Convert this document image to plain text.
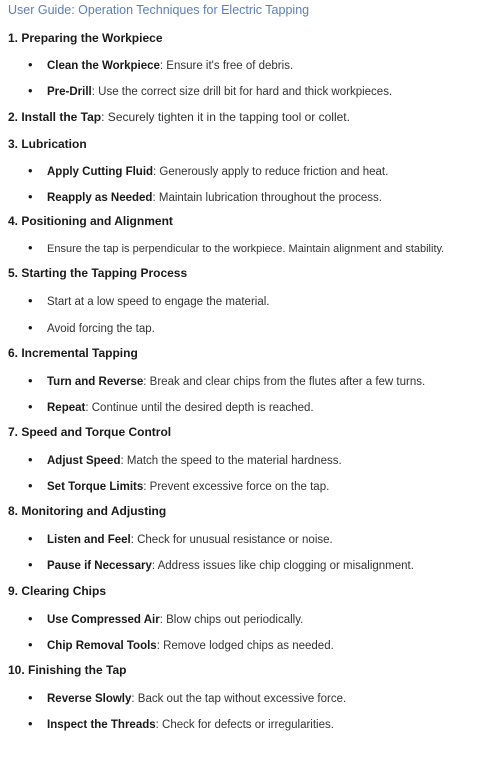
User Guide: Operation Techniques for Electric Tapping
1. Preparing the Workpiece
• Clean the Workpiece: Ensure it's free of debris.
• Pre-Drill: Use the correct size drill bit for hard and thick workpieces.
2. Install the Tap: Securely tighten it in the tapping tool or collet.
3. Lubrication
• Apply Cutting Fluid: Generously apply to reduce friction and heat.
• Reapply as Needed: Maintain lubrication throughout the process.
4. Positioning and Alignment
• Ensure the tap is perpendicular to the workpiece. Maintain alignment and stability.
5. Starting the Tapping Process
• Start at a low speed to engage the material.
• Avoid forcing the tap.
6. Incremental Tapping
• Turn and Reverse: Break and clear chips from the flutes after a few turns.
• Repeat: Continue until the desired depth is reached.
7. Speed and Torque Control
• Adjust Speed: Match the speed to the material hardness.
• Set Torque Limits: Prevent excessive force on the tap.
8. Monitoring and Adjusting
• Listen and Feel: Check for unusual resistance or noise.
• Pause if Necessary: Address issues like chip clogging or misalignment.
9. Clearing Chips
• Use Compressed Air: Blow chips out periodically.
• Chip Removal Tools: Remove lodged chips as needed.
10. Finishing the Tap
• Reverse Slowly: Back out the tap without excessive force.
• Inspect the Threads: Check for defects or irregularities.
